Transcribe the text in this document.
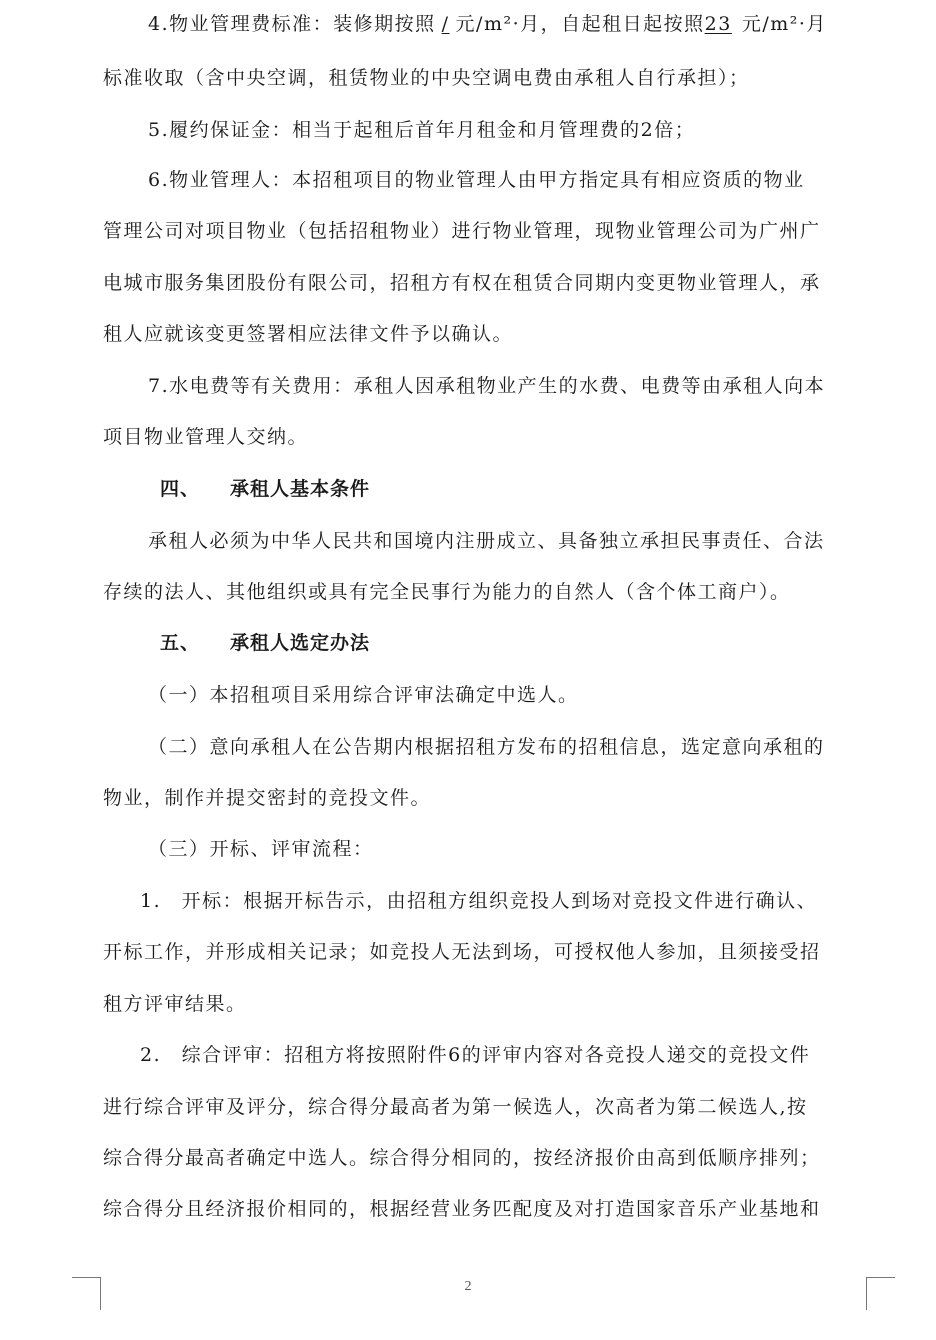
4.物业管理费标准：装修期按照 / 元/m²·月，自起租日起按照23 元/m²·月
标准收取（含中央空调，租赁物业的中央空调电费由承租人自行承担）；
5.履约保证金：相当于起租后首年月租金和月管理费的2倍；
6.物业管理人：本招租项目的物业管理人由甲方指定具有相应资质的物业
管理公司对项目物业（包括招租物业）进行物业管理，现物业管理公司为广州广
电城市服务集团股份有限公司，招租方有权在租赁合同期内变更物业管理人，承
租人应就该变更签署相应法律文件予以确认。
7.水电费等有关费用：承租人因承租物业产生的水费、电费等由承租人向本
项目物业管理人交纳。
四、 承租人基本条件
承租人必须为中华人民共和国境内注册成立、具备独立承担民事责任、合法
存续的法人、其他组织或具有完全民事行为能力的自然人（含个体工商户）。
五、 承租人选定办法
（一）本招租项目采用综合评审法确定中选人。
（二）意向承租人在公告期内根据招租方发布的招租信息，选定意向承租的
物业，制作并提交密封的竞投文件。
（三）开标、评审流程：
1.　开标：根据开标告示，由招租方组织竞投人到场对竞投文件进行确认、
开标工作，并形成相关记录；如竞投人无法到场，可授权他人参加，且须接受招
租方评审结果。
2.　综合评审：招租方将按照附件6的评审内容对各竞投人递交的竞投文件
进行综合评审及评分，综合得分最高者为第一候选人，次高者为第二候选人,按
综合得分最高者确定中选人。综合得分相同的，按经济报价由高到低顺序排列；
综合得分且经济报价相同的，根据经营业务匹配度及对打造国家音乐产业基地和
2
